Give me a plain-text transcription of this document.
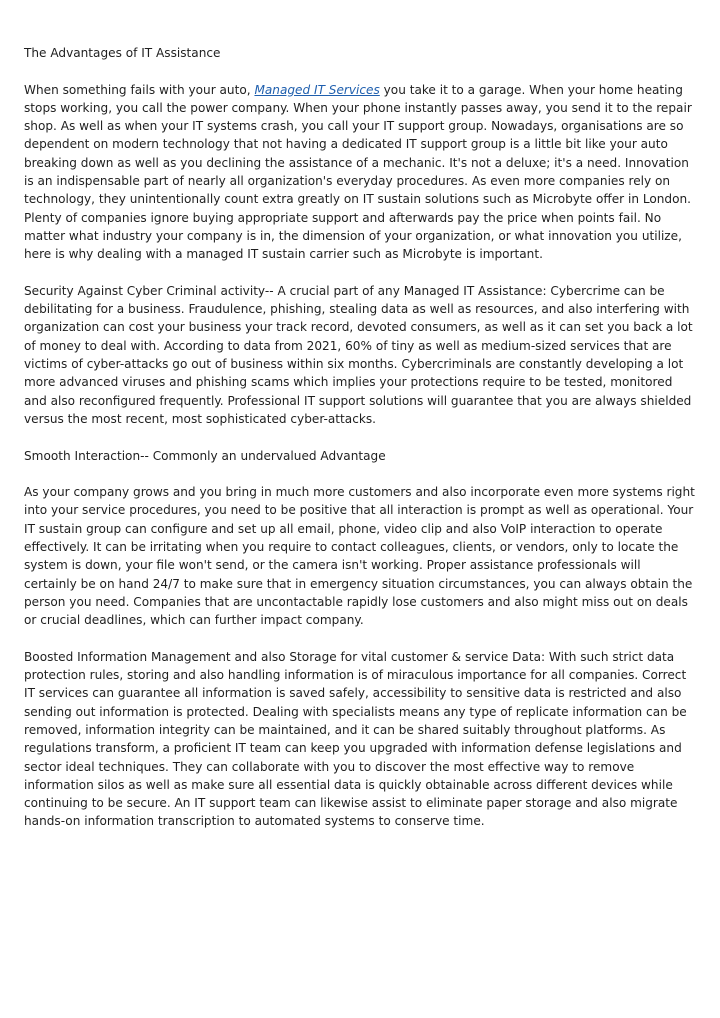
The Advantages of IT Assistance

When something fails with your auto, Managed IT Services you take it to a garage. When your home heating stops working, you call the power company. When your phone instantly passes away, you send it to the repair shop. As well as when your IT systems crash, you call your IT support group. Nowadays, organisations are so dependent on modern technology that not having a dedicated IT support group is a little bit like your auto breaking down as well as you declining the assistance of a mechanic. It's not a deluxe; it's a need. Innovation is an indispensable part of nearly all organization's everyday procedures. As even more companies rely on technology, they unintentionally count extra greatly on IT sustain solutions such as Microbyte offer in London. Plenty of companies ignore buying appropriate support and afterwards pay the price when points fail. No matter what industry your company is in, the dimension of your organization, or what innovation you utilize, here is why dealing with a managed IT sustain carrier such as Microbyte is important.

Security Against Cyber Criminal activity-- A crucial part of any Managed IT Assistance: Cybercrime can be debilitating for a business. Fraudulence, phishing, stealing data as well as resources, and also interfering with organization can cost your business your track record, devoted consumers, as well as it can set you back a lot of money to deal with. According to data from 2021, 60% of tiny as well as medium-sized services that are victims of cyber-attacks go out of business within six months. Cybercriminals are constantly developing a lot more advanced viruses and phishing scams which implies your protections require to be tested, monitored and also reconfigured frequently. Professional IT support solutions will guarantee that you are always shielded versus the most recent, most sophisticated cyber-attacks.

Smooth Interaction-- Commonly an undervalued Advantage

As your company grows and you bring in much more customers and also incorporate even more systems right into your service procedures, you need to be positive that all interaction is prompt as well as operational. Your IT sustain group can configure and set up all email, phone, video clip and also VoIP interaction to operate effectively. It can be irritating when you require to contact colleagues, clients, or vendors, only to locate the system is down, your file won't send, or the camera isn't working. Proper assistance professionals will certainly be on hand 24/7 to make sure that in emergency situation circumstances, you can always obtain the person you need. Companies that are uncontactable rapidly lose customers and also might miss out on deals or crucial deadlines, which can further impact company.

Boosted Information Management and also Storage for vital customer & service Data: With such strict data protection rules, storing and also handling information is of miraculous importance for all companies. Correct IT services can guarantee all information is saved safely, accessibility to sensitive data is restricted and also sending out information is protected. Dealing with specialists means any type of replicate information can be removed, information integrity can be maintained, and it can be shared suitably throughout platforms. As regulations transform, a proficient IT team can keep you upgraded with information defense legislations and sector ideal techniques. They can collaborate with you to discover the most effective way to remove information silos as well as make sure all essential data is quickly obtainable across different devices while continuing to be secure. An IT support team can likewise assist to eliminate paper storage and also migrate hands-on information transcription to automated systems to conserve time.
